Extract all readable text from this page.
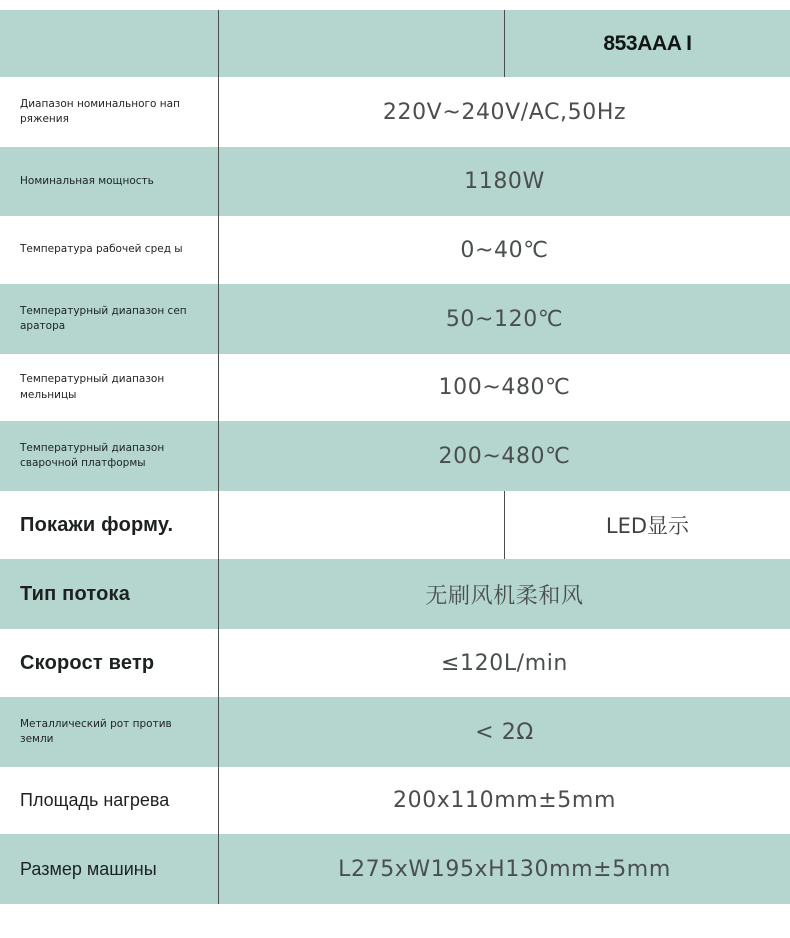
853AAA I
Диапазон номинального нап ряжения	220V~240V/AC,50Hz
Номинальная мощность	1180W
Температура рабочей сред ы	0~40℃
Температурный диапазон сеп аратора	50~120℃
Температурный диапазон мельницы	100~480℃
Температурный диапазон сварочной платформы	200~480℃
Покажи форму.	LED显示
Тип потока	无刷风机柔和风
Скорост ветр	≤120L/min
Металлический рот против земли	< 2Ω
Площадь нагрева	200x110mm±5mm
Размер машины	L275xW195xH130mm±5mm
